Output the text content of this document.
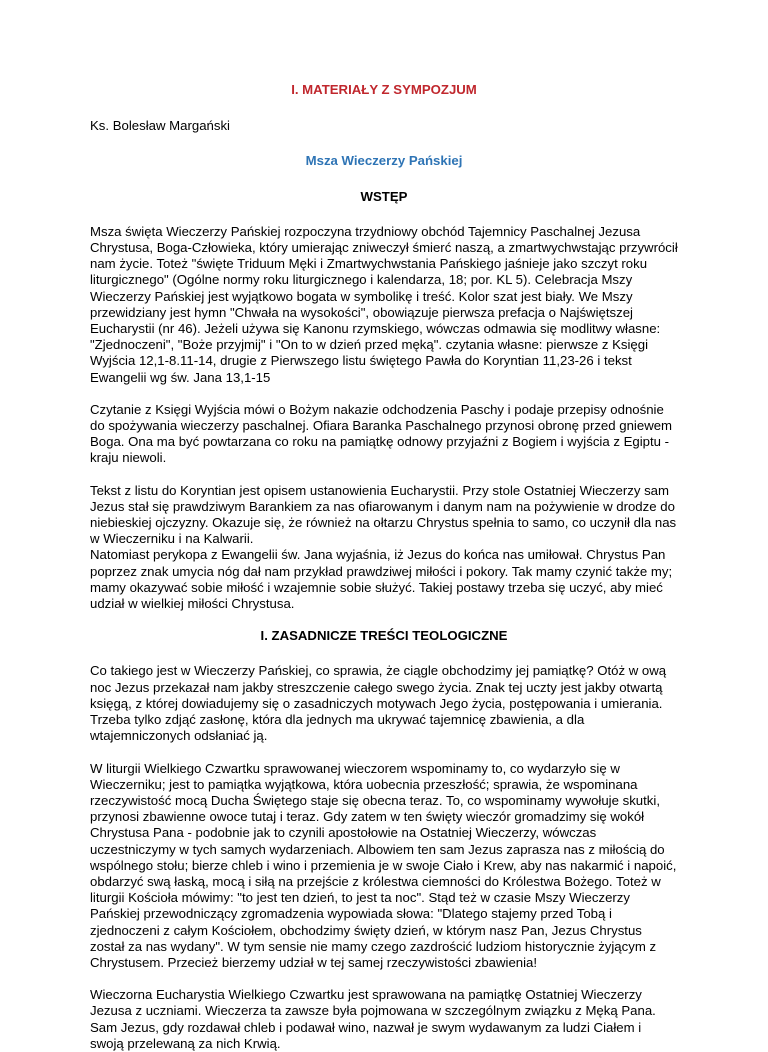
I. MATERIAŁY Z SYMPOZJUM
Ks. Bolesław Margański
Msza Wieczerzy Pańskiej
WSTĘP

Msza święta Wieczerzy Pańskiej rozpoczyna trzydniowy obchód Tajemnicy Paschalnej Jezusa Chrystusa, Boga-Człowieka, który umierając zniweczył śmierć naszą, a zmartwychwstając przywrócił nam życie. Toteż "święte Triduum Męki i Zmartwychwstania Pańskiego jaśnieje jako szczyt roku liturgicznego" (Ogólne normy roku liturgicznego i kalendarza, 18; por. KL 5). Celebracja Mszy Wieczerzy Pańskiej jest wyjątkowo bogata w symbolikę i treść. Kolor szat jest biały. We Mszy przewidziany jest hymn "Chwała na wysokości", obowiązuje pierwsza prefacja o Najświętszej Eucharystii (nr 46). Jeżeli używa się Kanonu rzymskiego, wówczas odmawia się modlitwy własne: "Zjednoczeni", "Boże przyjmij" i "On to w dzień przed męką". czytania własne: pierwsze z Księgi Wyjścia 12,1-8.11-14, drugie z Pierwszego listu świętego Pawła do Koryntian 11,23-26 i tekst Ewangelii wg św. Jana 13,1-15

Czytanie z Księgi Wyjścia mówi o Bożym nakazie odchodzenia Paschy i podaje przepisy odnośnie do spożywania wieczerzy paschalnej. Ofiara Baranka Paschalnego przynosi obronę przed gniewem Boga. Ona ma być powtarzana co roku na pamiątkę odnowy przyjaźni z Bogiem i wyjścia z Egiptu - kraju niewoli.

Tekst z listu do Koryntian jest opisem ustanowienia Eucharystii. Przy stole Ostatniej Wieczerzy sam Jezus stał się prawdziwym Barankiem za nas ofiarowanym i danym nam na pożywienie w drodze do niebieskiej ojczyzny. Okazuje się, że również na ołtarzu Chrystus spełnia to samo, co uczynił dla nas w Wieczerniku i na Kalwarii.
Natomiast perykopa z Ewangelii św. Jana wyjaśnia, iż Jezus do końca nas umiłował. Chrystus Pan poprzez znak umycia nóg dał nam przykład prawdziwej miłości i pokory. Tak mamy czynić także my; mamy okazywać sobie miłość i wzajemnie sobie służyć. Takiej postawy trzeba się uczyć, aby mieć udział w wielkiej miłości Chrystusa.

I. ZASADNICZE TREŚCI TEOLOGICZNE

Co takiego jest w Wieczerzy Pańskiej, co sprawia, że ciągle obchodzimy jej pamiątkę? Otóż w ową noc Jezus przekazał nam jakby streszczenie całego swego życia. Znak tej uczty jest jakby otwartą księgą, z której dowiadujemy się o zasadniczych motywach Jego życia, postępowania i umierania. Trzeba tylko zdjąć zasłonę, która dla jednych ma ukrywać tajemnicę zbawienia, a dla wtajemniczonych odsłaniać ją.

W liturgii Wielkiego Czwartku sprawowanej wieczorem wspominamy to, co wydarzyło się w Wieczerniku; jest to pamiątka wyjątkowa, która uobecnia przeszłość; sprawia, że wspominana rzeczywistość mocą Ducha Świętego staje się obecna teraz. To, co wspominamy wywołuje skutki, przynosi zbawienne owoce tutaj i teraz. Gdy zatem w ten święty wieczór gromadzimy się wokół Chrystusa Pana - podobnie jak to czynili apostołowie na Ostatniej Wieczerzy, wówczas uczestniczymy w tych samych wydarzeniach. Albowiem ten sam Jezus zaprasza nas z miłością do wspólnego stołu; bierze chleb i wino i przemienia je w swoje Ciało i Krew, aby nas nakarmić i napoić, obdarzyć swą łaską, mocą i siłą na przejście z królestwa ciemności do Królestwa Bożego. Toteż w liturgii Kościoła mówimy: "to jest ten dzień, to jest ta noc". Stąd też w czasie Mszy Wieczerzy Pańskiej przewodniczący zgromadzenia wypowiada słowa: "Dlatego stajemy przed Tobą i zjednoczeni z całym Kościołem, obchodzimy święty dzień, w którym nasz Pan, Jezus Chrystus został za nas wydany". W tym sensie nie mamy czego zazdrościć ludziom historycznie żyjącym z Chrystusem. Przecież bierzemy udział w tej samej rzeczywistości zbawienia!

Wieczorna Eucharystia Wielkiego Czwartku jest sprawowana na pamiątkę Ostatniej Wieczerzy Jezusa z uczniami. Wieczerza ta zawsze była pojmowana w szczególnym związku z Męką Pana. Sam Jezus, gdy rozdawał chleb i podawał wino, nazwał je swym wydawanym za ludzi Ciałem i swoją przelewaną za nich Krwią.
